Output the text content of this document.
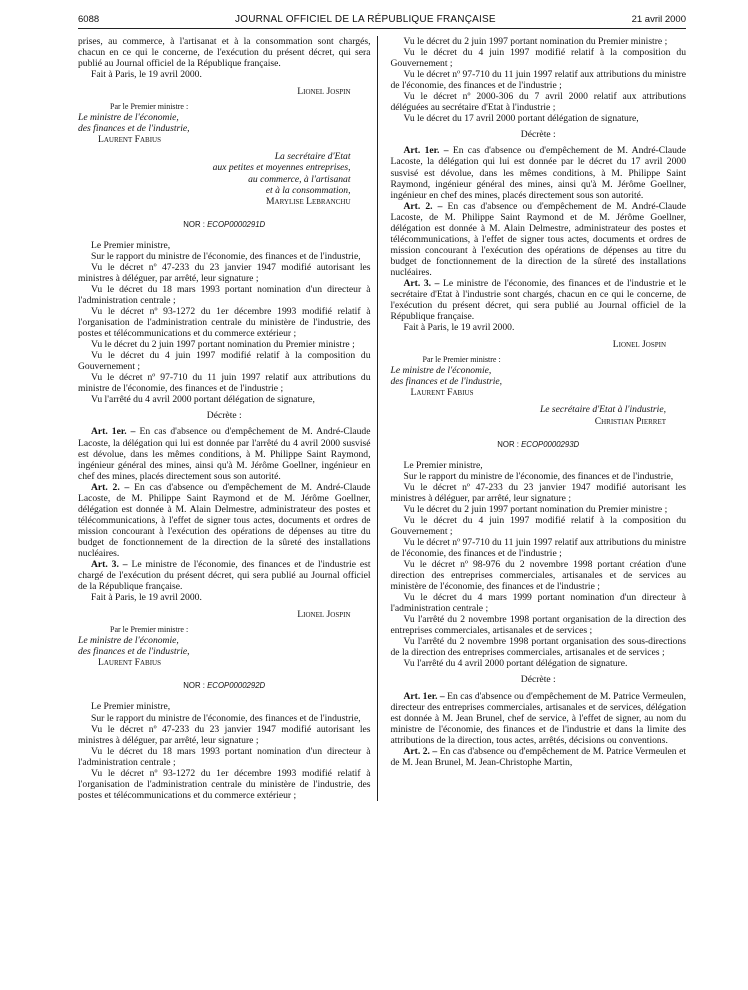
6088	JOURNAL OFFICIEL DE LA RÉPUBLIQUE FRANÇAISE	21 avril 2000

prises, au commerce, à l'artisanat et à la consommation sont chargés, chacun en ce qui le concerne, de l'exécution du présent décret, qui sera publié au Journal officiel de la République française.

Fait à Paris, le 19 avril 2000.

Lionel Jospin
Par le Premier ministre :
Le ministre de l'économie,
des finances et de l'industrie,
Laurent Fabius
La secrétaire d'Etat
aux petites et moyennes entreprises,
au commerce, à l'artisanat
et à la consommation,
Marylise Lebranchu
NOR : ECOP0000291D

Le Premier ministre,

Sur le rapport du ministre de l'économie, des finances et de l'industrie,

Vu le décret nº 47-233 du 23 janvier 1947 modifié autorisant les ministres à déléguer, par arrêté, leur signature ;

Vu le décret du 18 mars 1993 portant nomination d'un directeur à l'administration centrale ;

Vu le décret nº 93-1272 du 1er décembre 1993 modifié relatif à l'organisation de l'administration centrale du ministère de l'industrie, des postes et télécommunications et du commerce extérieur ;

Vu le décret du 2 juin 1997 portant nomination du Premier ministre ;

Vu le décret du 4 juin 1997 modifié relatif à la composition du Gouvernement ;

Vu le décret nº 97-710 du 11 juin 1997 relatif aux attributions du ministre de l'économie, des finances et de l'industrie ;

Vu l'arrêté du 4 avril 2000 portant délégation de signature,

Décrète :

Art. 1er. – En cas d'absence ou d'empêchement de M. André-Claude Lacoste, la délégation qui lui est donnée par l'arrêté du 4 avril 2000 susvisé est dévolue, dans les mêmes conditions, à M. Philippe Saint Raymond, ingénieur général des mines, ainsi qu'à M. Jérôme Goellner, ingénieur en chef des mines, placés directement sous son autorité.

Art. 2. – En cas d'absence ou d'empêchement de M. André-Claude Lacoste, de M. Philippe Saint Raymond et de M. Jérôme Goellner, délégation est donnée à M. Alain Delmestre, administrateur des postes et télécommunications, à l'effet de signer tous actes, documents et ordres de mission concourant à l'exécution des opérations de dépenses au titre du budget de fonctionnement de la direction de la sûreté des installations nucléaires.

Art. 3. – Le ministre de l'économie, des finances et de l'industrie est chargé de l'exécution du présent décret, qui sera publié au Journal officiel de la République française.

Fait à Paris, le 19 avril 2000.

Lionel Jospin
Par le Premier ministre :
Le ministre de l'économie,
des finances et de l'industrie,
Laurent Fabius
NOR : ECOP0000292D

Le Premier ministre,

Sur le rapport du ministre de l'économie, des finances et de l'industrie,

Vu le décret nº 47-233 du 23 janvier 1947 modifié autorisant les ministres à déléguer, par arrêté, leur signature ;

Vu le décret du 18 mars 1993 portant nomination d'un directeur à l'administration centrale ;

Vu le décret nº 93-1272 du 1er décembre 1993 modifié relatif à l'organisation de l'administration centrale du ministère de l'industrie, des postes et télécommunications et du commerce extérieur ;

Vu le décret du 2 juin 1997 portant nomination du Premier ministre ;

Vu le décret du 4 juin 1997 modifié relatif à la composition du Gouvernement ;

Vu le décret nº 97-710 du 11 juin 1997 relatif aux attributions du ministre de l'économie, des finances et de l'industrie ;

Vu le décret nº 2000-306 du 7 avril 2000 relatif aux attributions déléguées au secrétaire d'Etat à l'industrie ;

Vu le décret du 17 avril 2000 portant délégation de signature,

Décrète :

Art. 1er. – En cas d'absence ou d'empêchement de M. André-Claude Lacoste, la délégation qui lui est donnée par le décret du 17 avril 2000 susvisé est dévolue, dans les mêmes conditions, à M. Philippe Saint Raymond, ingénieur général des mines, ainsi qu'à M. Jérôme Goellner, ingénieur en chef des mines, placés directement sous son autorité.

Art. 2. – En cas d'absence ou d'empêchement de M. André-Claude Lacoste, de M. Philippe Saint Raymond et de M. Jérôme Goellner, délégation est donnée à M. Alain Delmestre, administrateur des postes et télécommunications, à l'effet de signer tous actes, documents et ordres de mission concourant à l'exécution des opérations de dépenses au titre du budget de fonctionnement de la direction de la sûreté des installations nucléaires.

Art. 3. – Le ministre de l'économie, des finances et de l'industrie et le secrétaire d'Etat à l'industrie sont chargés, chacun en ce qui le concerne, de l'exécution du présent décret, qui sera publié au Journal officiel de la République française.

Fait à Paris, le 19 avril 2000.

Lionel Jospin
Par le Premier ministre :
Le ministre de l'économie,
des finances et de l'industrie,
Laurent Fabius
Le secrétaire d'Etat à l'industrie,
Christian Pierret
NOR : ECOP0000293D

Le Premier ministre,

Sur le rapport du ministre de l'économie, des finances et de l'industrie,

Vu le décret nº 47-233 du 23 janvier 1947 modifié autorisant les ministres à déléguer, par arrêté, leur signature ;

Vu le décret du 2 juin 1997 portant nomination du Premier ministre ;

Vu le décret du 4 juin 1997 modifié relatif à la composition du Gouvernement ;

Vu le décret nº 97-710 du 11 juin 1997 relatif aux attributions du ministre de l'économie, des finances et de l'industrie ;

Vu le décret nº 98-976 du 2 novembre 1998 portant création d'une direction des entreprises commerciales, artisanales et de services au ministère de l'économie, des finances et de l'industrie ;

Vu le décret du 4 mars 1999 portant nomination d'un directeur à l'administration centrale ;

Vu l'arrêté du 2 novembre 1998 portant organisation de la direction des entreprises commerciales, artisanales et de services ;

Vu l'arrêté du 2 novembre 1998 portant organisation des sous-directions de la direction des entreprises commerciales, artisanales et de services ;

Vu l'arrêté du 4 avril 2000 portant délégation de signature.

Décrète :

Art. 1er. – En cas d'absence ou d'empêchement de M. Patrice Vermeulen, directeur des entreprises commerciales, artisanales et de services, délégation est donnée à M. Jean Brunel, chef de service, à l'effet de signer, au nom du ministre de l'économie, des finances et de l'industrie et dans la limite des attributions de la direction, tous actes, arrêtés, décisions ou conventions.

Art. 2. – En cas d'absence ou d'empêchement de M. Patrice Vermeulen et de M. Jean Brunel, M. Jean-Christophe Martin,
